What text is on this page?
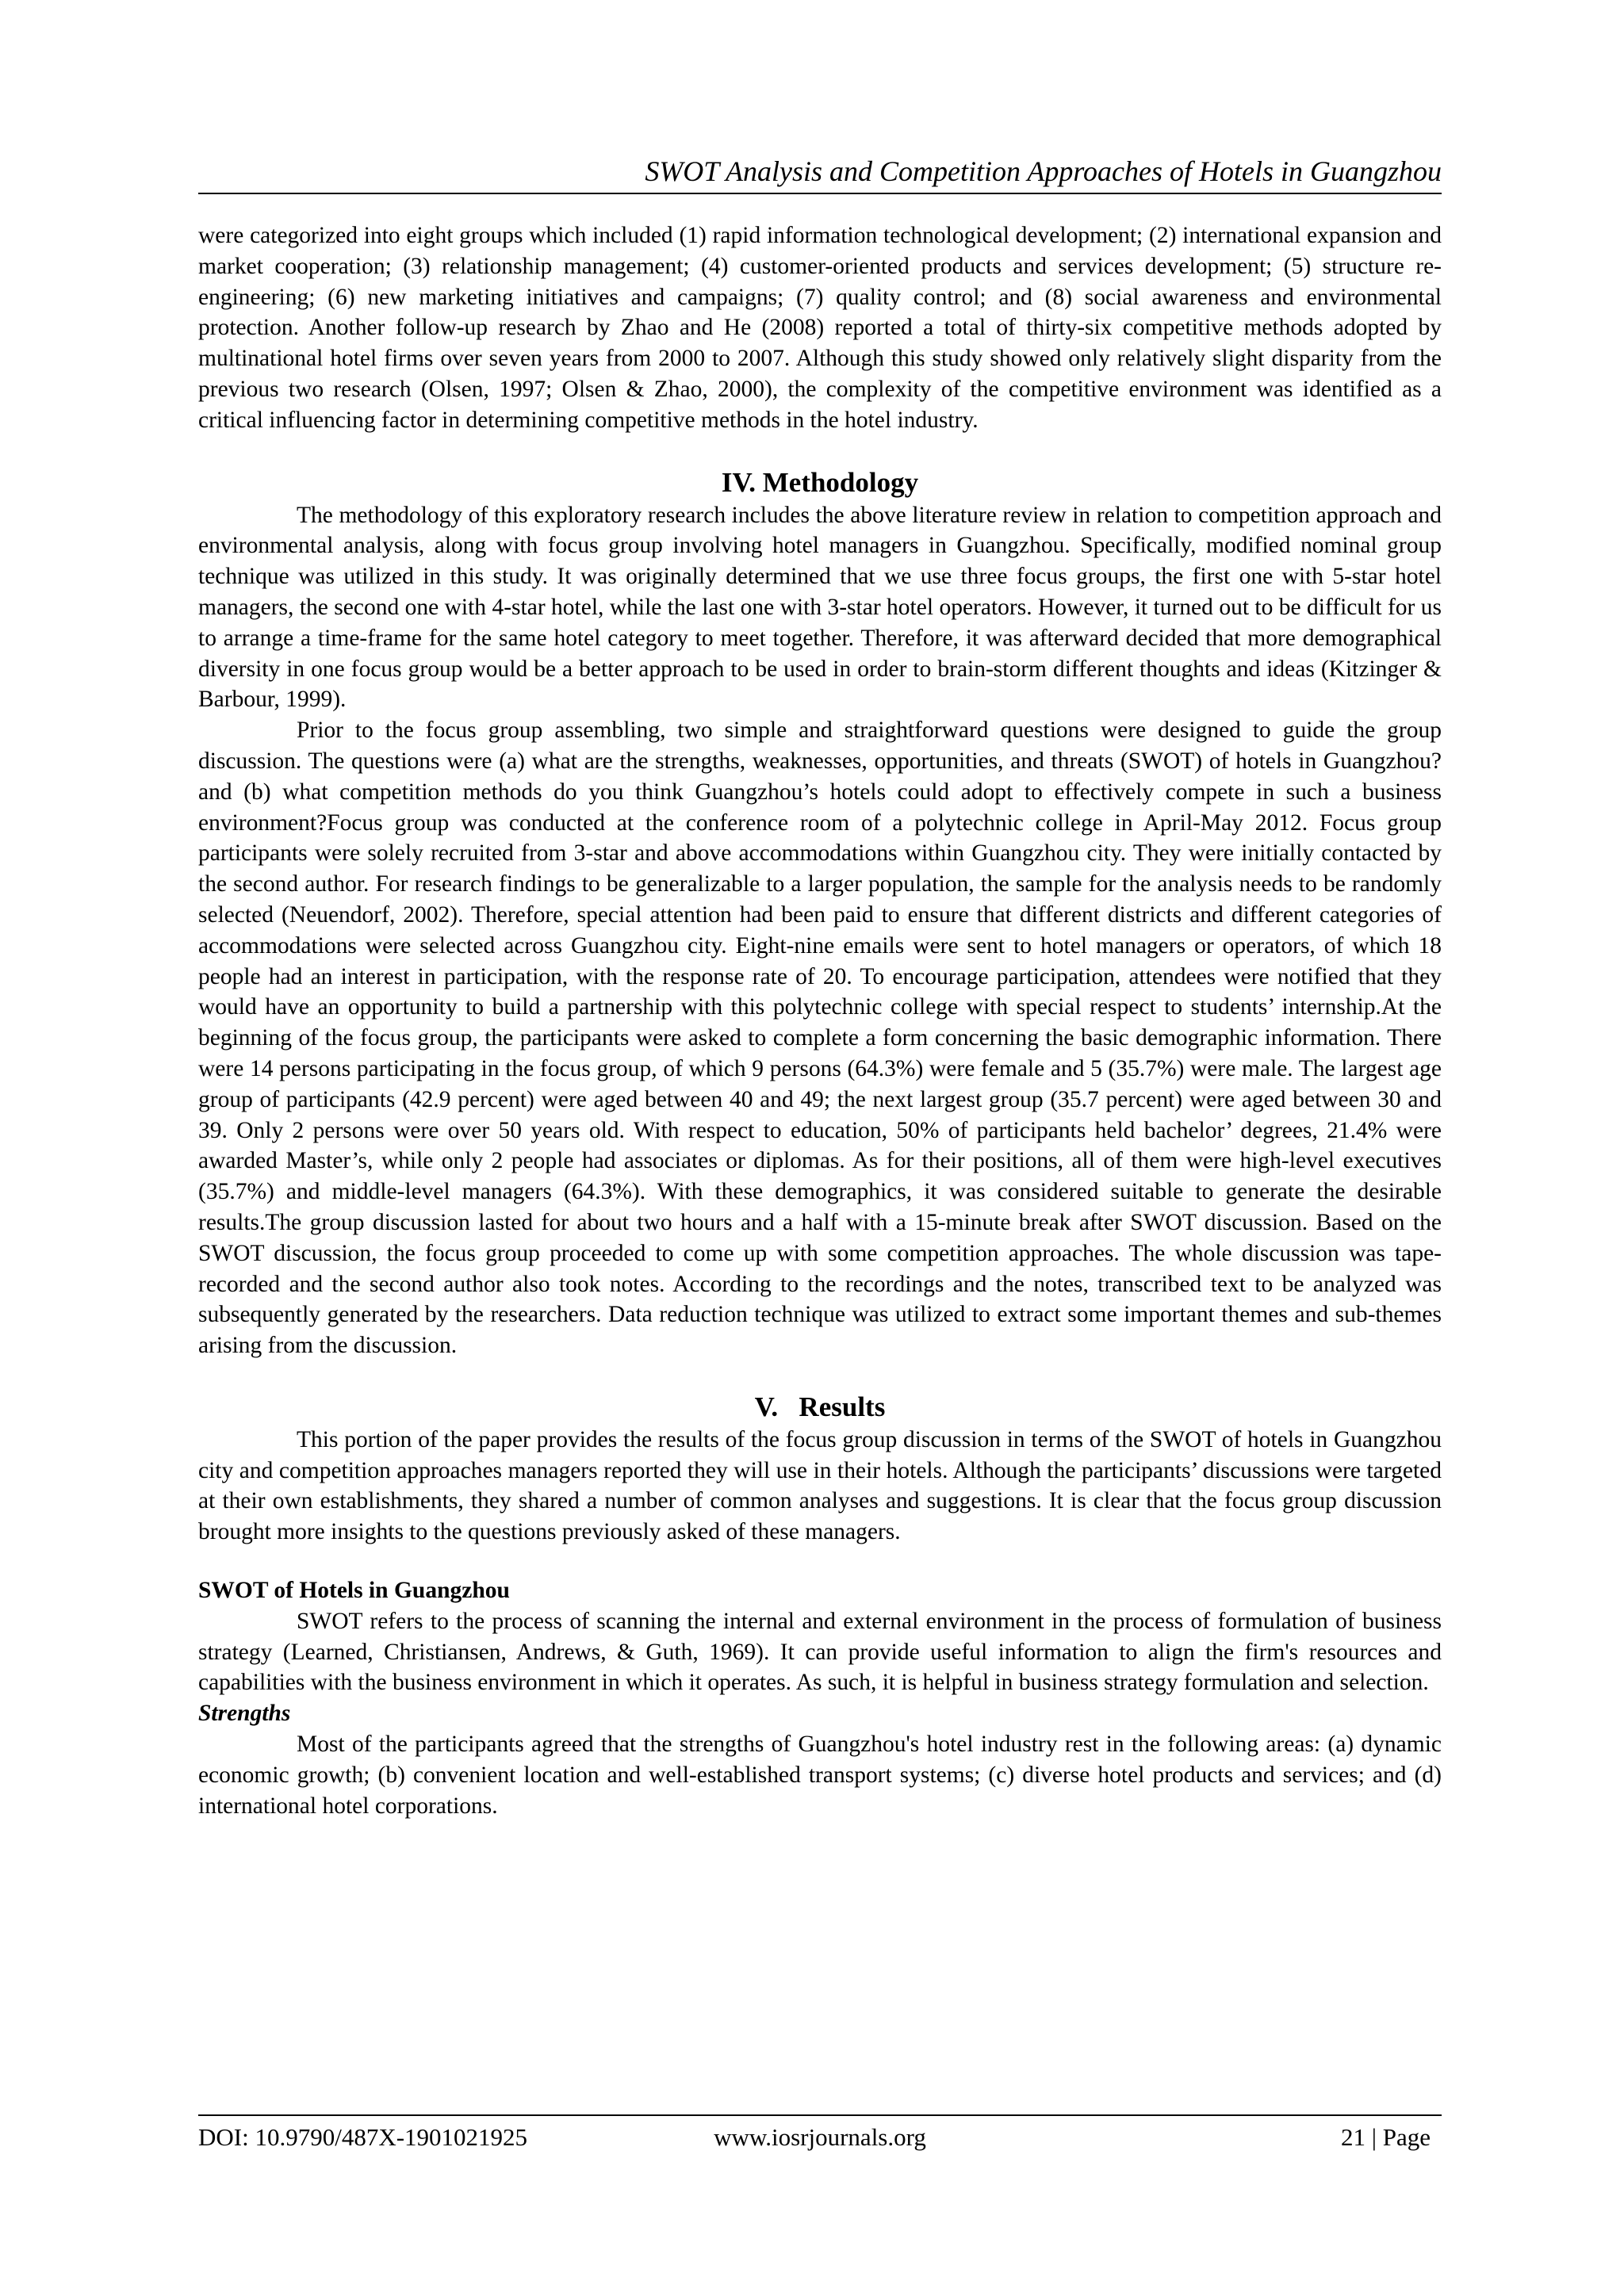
SWOT Analysis and Competition Approaches of Hotels in Guangzhou

were categorized into eight groups which included (1) rapid information technological development; (2) international expansion and market cooperation; (3) relationship management; (4) customer-oriented products and services development; (5) structure re-engineering; (6) new marketing initiatives and campaigns; (7) quality control; and (8) social awareness and environmental protection. Another follow-up research by Zhao and He (2008) reported a total of thirty-six competitive methods adopted by multinational hotel firms over seven years from 2000 to 2007. Although this study showed only relatively slight disparity from the previous two research (Olsen, 1997; Olsen & Zhao, 2000), the complexity of the competitive environment was identified as a critical influencing factor in determining competitive methods in the hotel industry.

IV. Methodology

The methodology of this exploratory research includes the above literature review in relation to competition approach and environmental analysis, along with focus group involving hotel managers in Guangzhou. Specifically, modified nominal group technique was utilized in this study. It was originally determined that we use three focus groups, the first one with 5-star hotel managers, the second one with 4-star hotel, while the last one with 3-star hotel operators. However, it turned out to be difficult for us to arrange a time-frame for the same hotel category to meet together. Therefore, it was afterward decided that more demographical diversity in one focus group would be a better approach to be used in order to brain-storm different thoughts and ideas (Kitzinger & Barbour, 1999).

Prior to the focus group assembling, two simple and straightforward questions were designed to guide the group discussion. The questions were (a) what are the strengths, weaknesses, opportunities, and threats (SWOT) of hotels in Guangzhou? and (b) what competition methods do you think Guangzhou’s hotels could adopt to effectively compete in such a business environment?Focus group was conducted at the conference room of a polytechnic college in April-May 2012. Focus group participants were solely recruited from 3-star and above accommodations within Guangzhou city. They were initially contacted by the second author. For research findings to be generalizable to a larger population, the sample for the analysis needs to be randomly selected (Neuendorf, 2002). Therefore, special attention had been paid to ensure that different districts and different categories of accommodations were selected across Guangzhou city. Eight-nine emails were sent to hotel managers or operators, of which 18 people had an interest in participation, with the response rate of 20. To encourage participation, attendees were notified that they would have an opportunity to build a partnership with this polytechnic college with special respect to students’ internship.At the beginning of the focus group, the participants were asked to complete a form concerning the basic demographic information. There were 14 persons participating in the focus group, of which 9 persons (64.3%) were female and 5 (35.7%) were male. The largest age group of participants (42.9 percent) were aged between 40 and 49; the next largest group (35.7 percent) were aged between 30 and 39. Only 2 persons were over 50 years old. With respect to education, 50% of participants held bachelor’ degrees, 21.4% were awarded Master’s, while only 2 people had associates or diplomas. As for their positions, all of them were high-level executives (35.7%) and middle-level managers (64.3%). With these demographics, it was considered suitable to generate the desirable results.The group discussion lasted for about two hours and a half with a 15-minute break after SWOT discussion. Based on the SWOT discussion, the focus group proceeded to come up with some competition approaches. The whole discussion was tape-recorded and the second author also took notes. According to the recordings and the notes, transcribed text to be analyzed was subsequently generated by the researchers. Data reduction technique was utilized to extract some important themes and sub-themes arising from the discussion.

V.   Results

This portion of the paper provides the results of the focus group discussion in terms of the SWOT of hotels in Guangzhou city and competition approaches managers reported they will use in their hotels. Although the participants’ discussions were targeted at their own establishments, they shared a number of common analyses and suggestions. It is clear that the focus group discussion brought more insights to the questions previously asked of these managers.

SWOT of Hotels in Guangzhou

SWOT refers to the process of scanning the internal and external environment in the process of formulation of business strategy (Learned, Christiansen, Andrews, & Guth, 1969). It can provide useful information to align the firm's resources and capabilities with the business environment in which it operates. As such, it is helpful in business strategy formulation and selection.

Strengths

Most of the participants agreed that the strengths of Guangzhou's hotel industry rest in the following areas: (a) dynamic economic growth; (b) convenient location and well-established transport systems; (c) diverse hotel products and services; and (d) international hotel corporations.

DOI: 10.9790/487X-1901021925	www.iosrjournals.org	21 | Page
